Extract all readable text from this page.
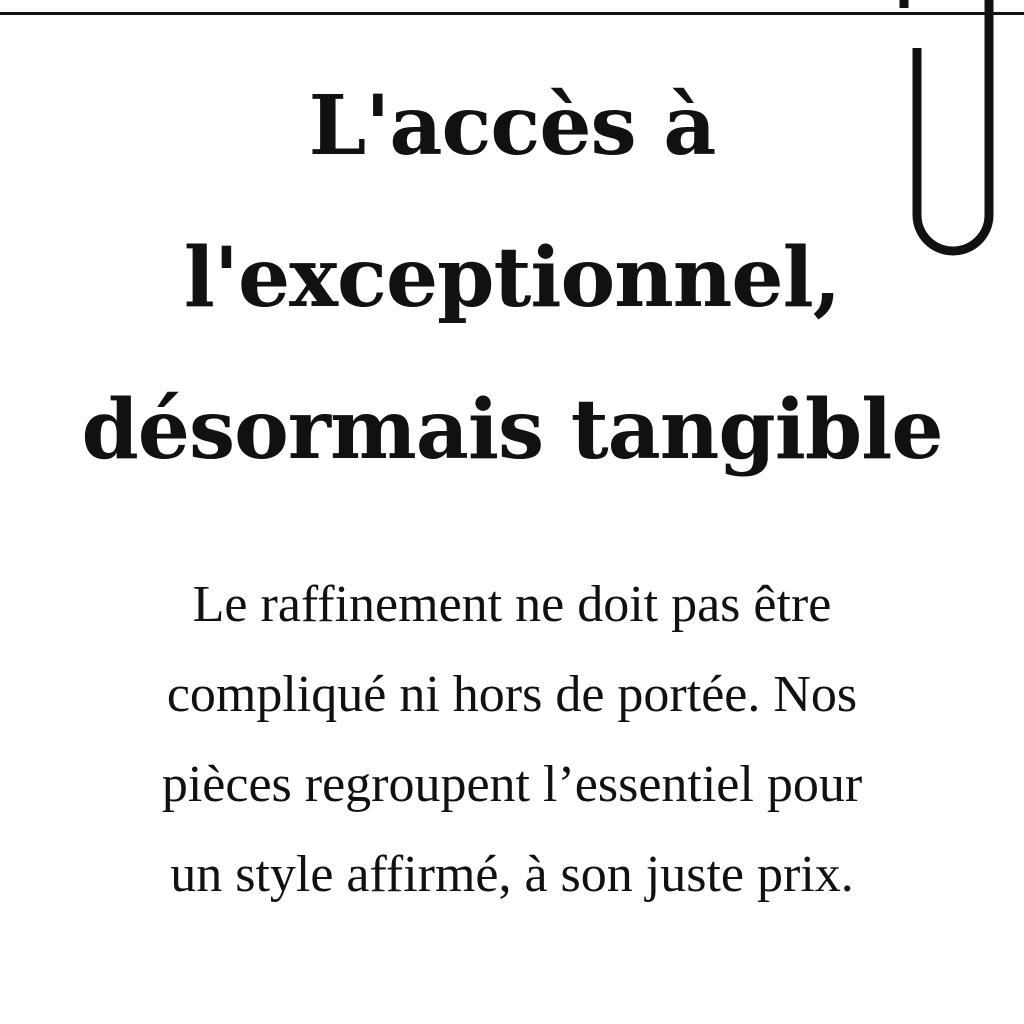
L'accès à
l'exceptionnel,
désormais tangible

Le raffinement ne doit pas être
compliqué ni hors de portée. Nos
pièces regroupent l’essentiel pour
un style affirmé, à son juste prix.
